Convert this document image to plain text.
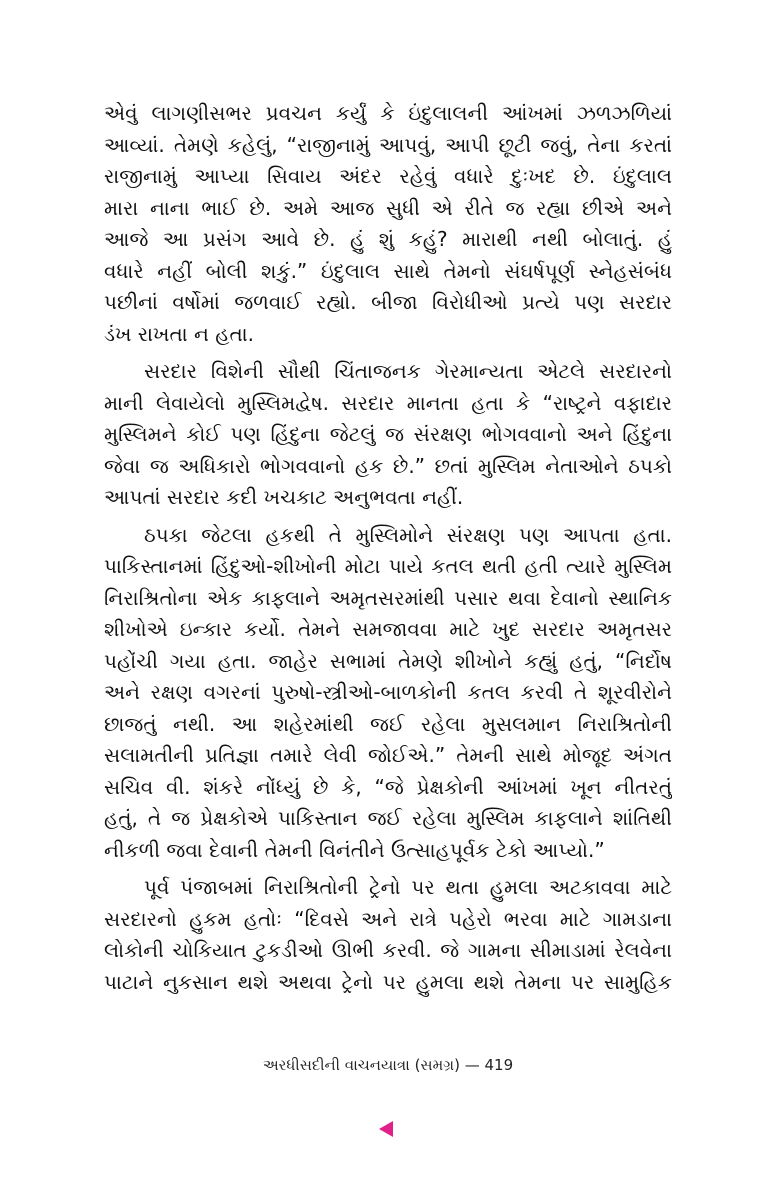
એવું લાગણીસભર પ્રવચન કર્યું કે ઇંદુલાલની આંખમાં ઝળઝળિયાં
આવ્યાં. તેમણે કહેલું, “રાજીનામું આપવું, આપી છૂટી જવું, તેના કરતાં
રાજીનામું આપ્યા સિવાય અંદર રહેવું વધારે દુઃખદ છે. ઇંદુલાલ
મારા નાના ભાઈ છે. અમે આજ સુધી એ રીતે જ રહ્યા છીએ અને
આજે આ પ્રસંગ આવે છે. હું શું કહું? મારાથી નથી બોલાતું. હું
વધારે નહીં બોલી શકું.” ઇંદુલાલ સાથે તેમનો સંઘર્ષપૂર્ણ સ્નેહસંબંધ
પછીનાં વર્ષોમાં જળવાઈ રહ્યો. બીજા વિરોધીઓ પ્રત્યે પણ સરદાર
ડંખ રાખતા ન હતા.

સરદાર વિશેની સૌથી ચિંતાજનક ગેરમાન્યતા એટલે સરદારનો
માની લેવાયેલો મુસ્લિમદ્વેષ. સરદાર માનતા હતા કે “રાષ્ટ્રને વફાદાર
મુસ્લિમને કોઈ પણ હિંદુના જેટલું જ સંરક્ષણ ભોગવવાનો અને હિંદુના
જેવા જ અધિકારો ભોગવવાનો હક છે.” છતાં મુસ્લિમ નેતાઓને ઠપકો
આપતાં સરદાર કદી ખચકાટ અનુભવતા નહીં.

ઠપકા જેટલા હકથી તે મુસ્લિમોને સંરક્ષણ પણ આપતા હતા.
પાકિસ્તાનમાં હિંદુઓ-શીખોની મોટા પાયે કતલ થતી હતી ત્યારે મુસ્લિમ
નિરાશ્રિતોના એક કાફલાને અમૃતસરમાંથી પસાર થવા દેવાનો સ્થાનિક
શીખોએ ઇન્કાર કર્યો. તેમને સમજાવવા માટે ખુદ સરદાર અમૃતસર
પહોંચી ગયા હતા. જાહેર સભામાં તેમણે શીખોને કહ્યું હતું, “નિર્દોષ
અને રક્ષણ વગરનાં પુરુષો-સ્ત્રીઓ-બાળકોની કતલ કરવી તે શૂરવીરોને
છાજતું નથી. આ શહેરમાંથી જઈ રહેલા મુસલમાન નિરાશ્રિતોની
સલામતીની પ્રતિજ્ઞા તમારે લેવી જોઈએ.” તેમની સાથે મોજૂદ અંગત
સચિવ વી. શંકરે નોંધ્યું છે કે, “જે પ્રેક્ષકોની આંખમાં ખૂન નીતરતું
હતું, તે જ પ્રેક્ષકોએ પાકિસ્તાન જઈ રહેલા મુસ્લિમ કાફલાને શાંતિથી
નીકળી જવા દેવાની તેમની વિનંતીને ઉત્સાહપૂર્વક ટેકો આપ્યો.”

પૂર્વ પંજાબમાં નિરાશ્રિતોની ટ્રેનો પર થતા હુમલા અટકાવવા માટે
સરદારનો હુકમ હતોઃ “દિવસે અને રાત્રે પહેરો ભરવા માટે ગામડાના
લોકોની ચોકિયાત ટુકડીઓ ઊભી કરવી. જે ગામના સીમાડામાં રેલવેના
પાટાને નુકસાન થશે અથવા ટ્રેનો પર હુમલા થશે તેમના પર સામુહિક

અરધીસદીની વાચનયાત્રા (સમગ્ર) — 419
